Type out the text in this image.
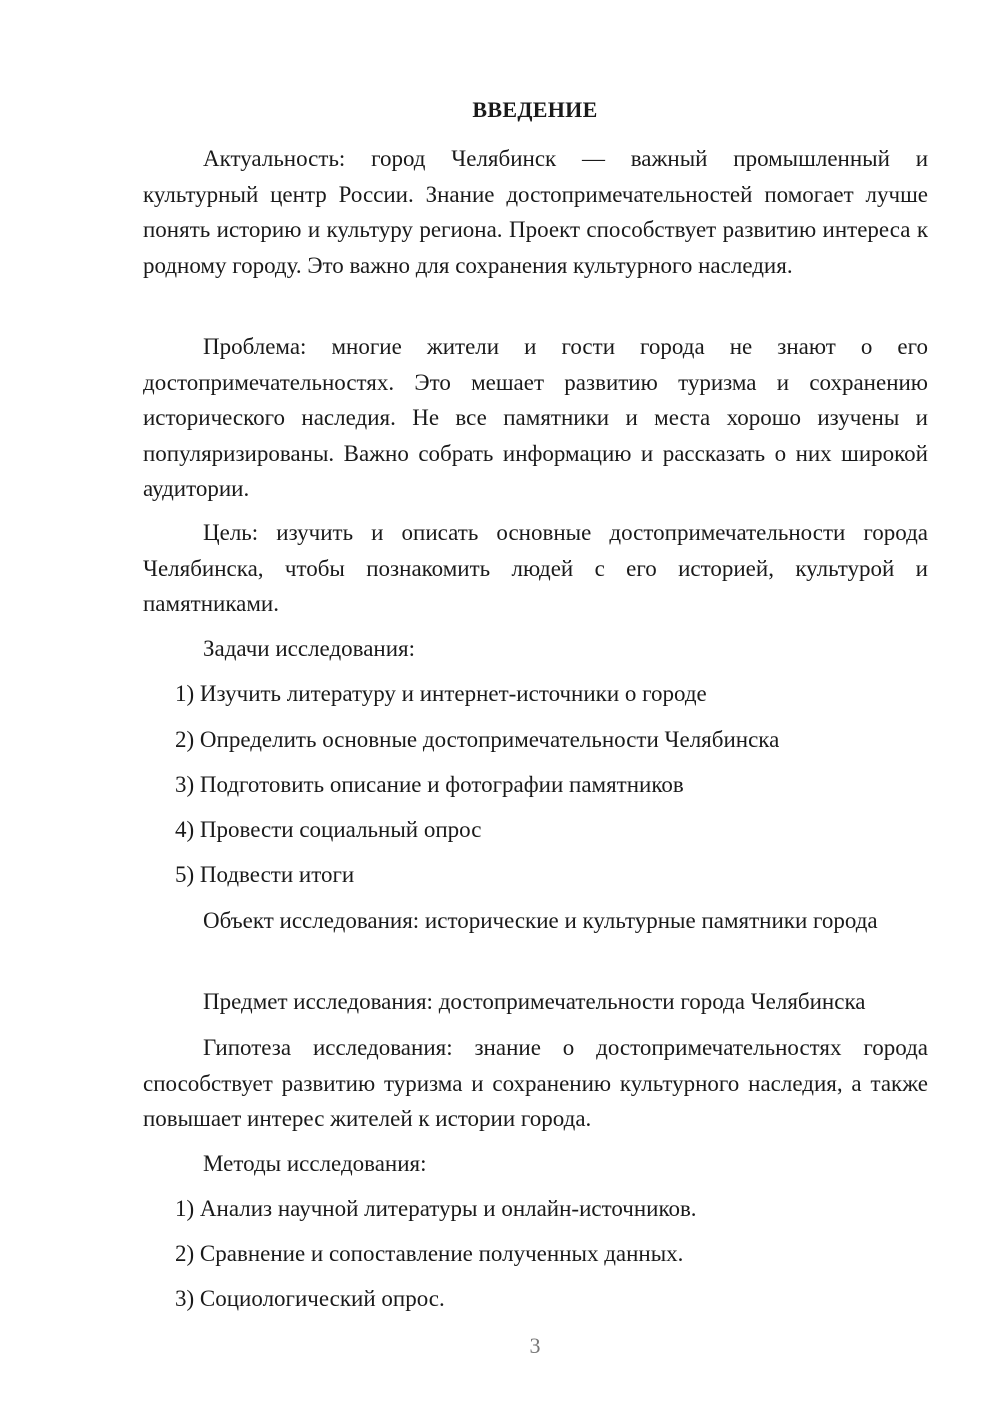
ВВЕДЕНИЕ

Актуальность: город Челябинск — важный промышленный и культурный центр России. Знание достопримечательностей помогает лучше понять историю и культуру региона. Проект способствует развитию интереса к родному городу. Это важно для сохранения культурного наследия.

Проблема: многие жители и гости города не знают о его достопримечательностях. Это мешает развитию туризма и сохранению исторического наследия. Не все памятники и места хорошо изучены и популяризированы. Важно собрать информацию и рассказать о них широкой аудитории.

Цель: изучить и описать основные достопримечательности города Челябинска, чтобы познакомить людей с его историей, культурой и памятниками.

Задачи исследования:

1) Изучить литературу и интернет-источники о городе

2) Определить основные достопримечательности Челябинска

3) Подготовить описание и фотографии памятников

4) Провести социальный опрос

5) Подвести итоги

Объект исследования: исторические и культурные памятники города

Предмет исследования: достопримечательности города Челябинска

Гипотеза исследования: знание о достопримечательностях города способствует развитию туризма и сохранению культурного наследия, а также повышает интерес жителей к истории города.

Методы исследования:

1) Анализ научной литературы и онлайн-источников.

2) Сравнение и сопоставление полученных данных.

3) Социологический опрос.

3
